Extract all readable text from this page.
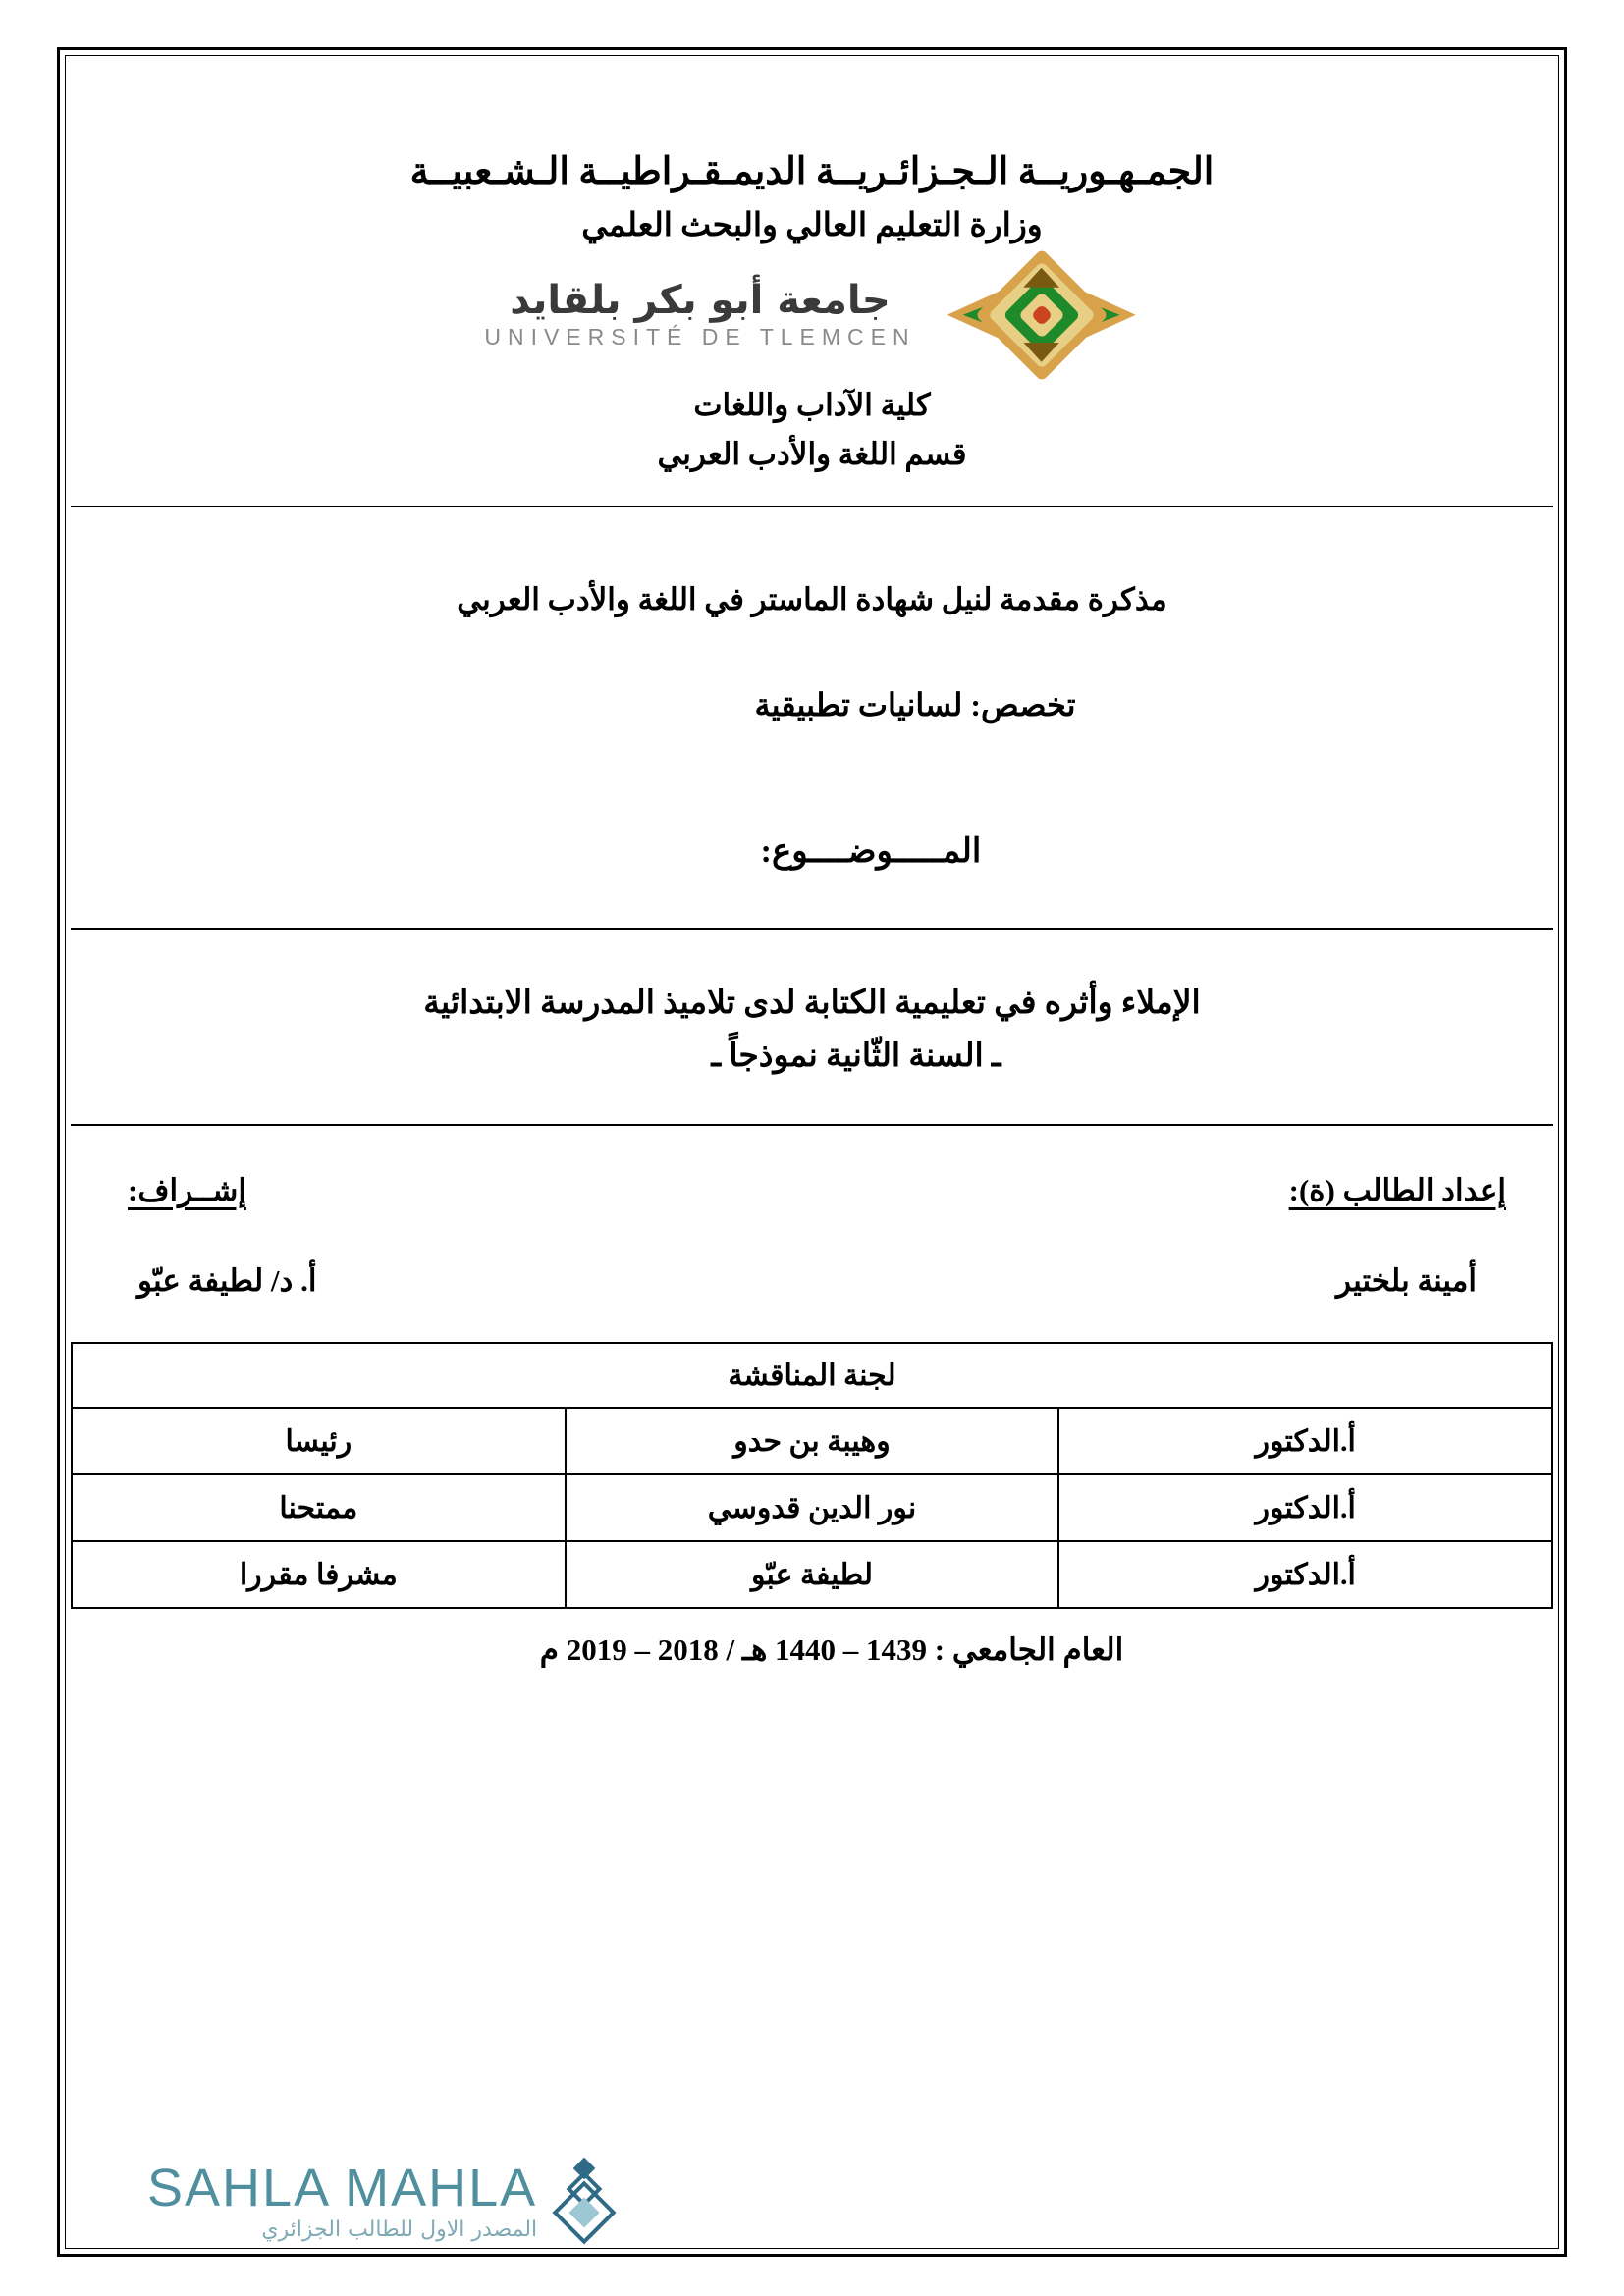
الجمـهـوريــة الـجـزائـريــة الديمـقـراطيــة الـشـعبيــة
وزارة التعليم العالي والبحث العلمي
جامعة أبو بكر بلقايد
UNIVERSITÉ DE TLEMCEN
كلية الآداب واللغات
قسم اللغة والأدب العربي
مذكرة مقدمة لنيل شهادة الماستر في اللغة والأدب العربي
تخصص: لسانيات تطبيقية
المـــــوضــــوع:
الإملاء وأثره في تعليمية الكتابة لدى تلاميذ المدرسة الابتدائية
ـ السنة الثّانية نموذجاً ـ
إعداد الطالب (ة):
أمينة بلختير
إشــراف:
أ. د/ لطيفة عبّو
لجنة المناقشة		
أ.الدكتور	وهيبة بن حدو	رئيسا
أ.الدكتور	نور الدين قدوسي	ممتحنا
أ.الدكتور	لطيفة عبّو	مشرفا مقررا
العام الجامعي : 1439 – 1440 هـ / 2018 – 2019 م
SAHLA MAHLA
المصدر الاول للطالب الجزائري
